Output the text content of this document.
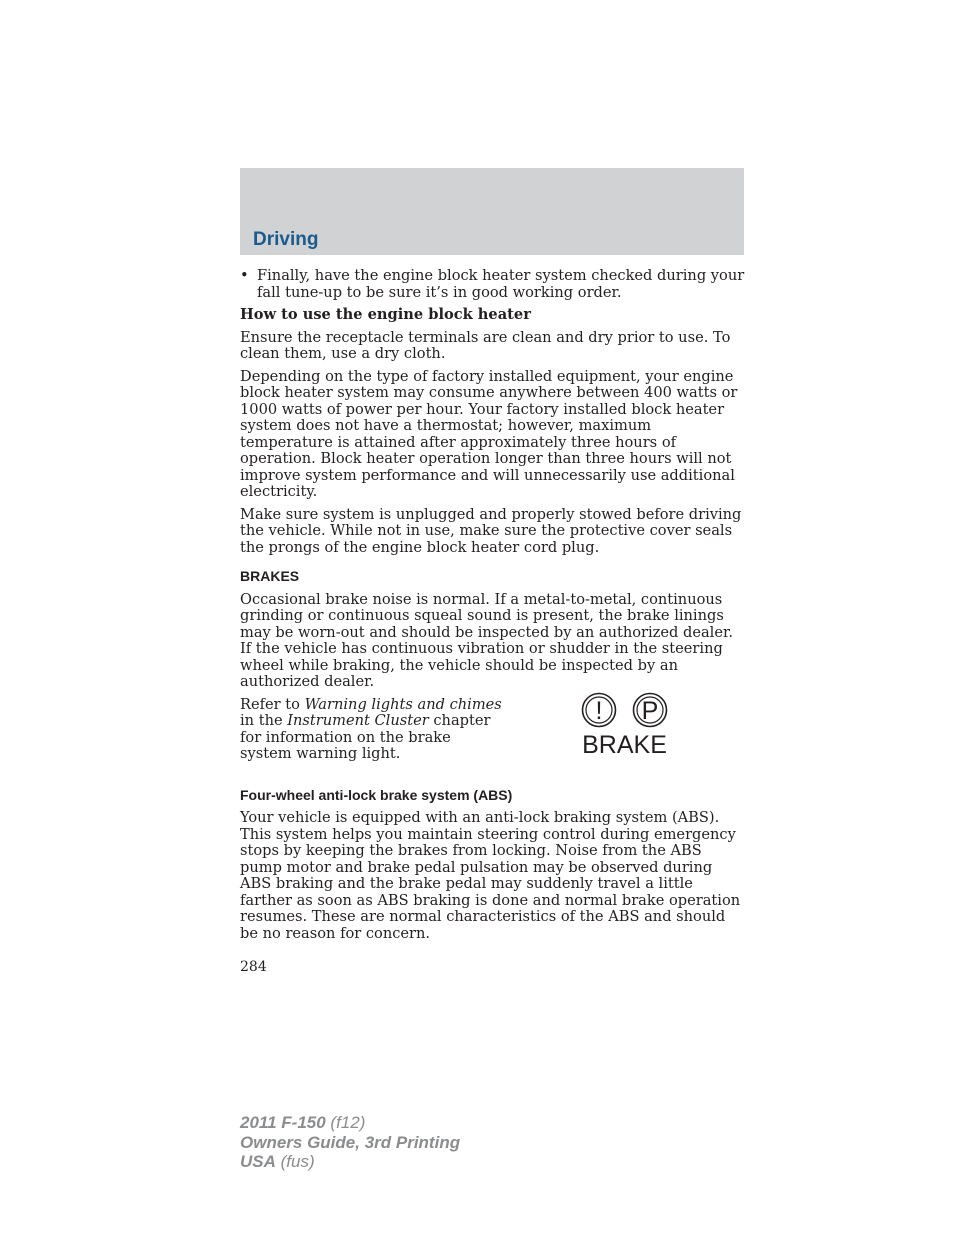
Driving
• Finally, have the engine block heater system checked during your fall tune-up to be sure it’s in good working order.

How to use the engine block heater

Ensure the receptacle terminals are clean and dry prior to use. To clean them, use a dry cloth.

Depending on the type of factory installed equipment, your engine block heater system may consume anywhere between 400 watts or 1000 watts of power per hour. Your factory installed block heater system does not have a thermostat; however, maximum temperature is attained after approximately three hours of operation. Block heater operation longer than three hours will not improve system performance and will unnecessarily use additional electricity.

Make sure system is unplugged and properly stowed before driving the vehicle. While not in use, make sure the protective cover seals the prongs of the engine block heater cord plug.

BRAKES

Occasional brake noise is normal. If a metal-to-metal, continuous grinding or continuous squeal sound is present, the brake linings may be worn-out and should be inspected by an authorized dealer. If the vehicle has continuous vibration or shudder in the steering wheel while braking, the vehicle should be inspected by an authorized dealer.

Refer to Warning lights and chimes in the Instrument Cluster chapter for information on the brake system warning light.
! P
BRAKE
Four-wheel anti-lock brake system (ABS)

Your vehicle is equipped with an anti-lock braking system (ABS). This system helps you maintain steering control during emergency stops by keeping the brakes from locking. Noise from the ABS pump motor and brake pedal pulsation may be observed during ABS braking and the brake pedal may suddenly travel a little farther as soon as ABS braking is done and normal brake operation resumes. These are normal characteristics of the ABS and should be no reason for concern.

284
2011 F-150 (f12)
Owners Guide, 3rd Printing
USA (fus)
